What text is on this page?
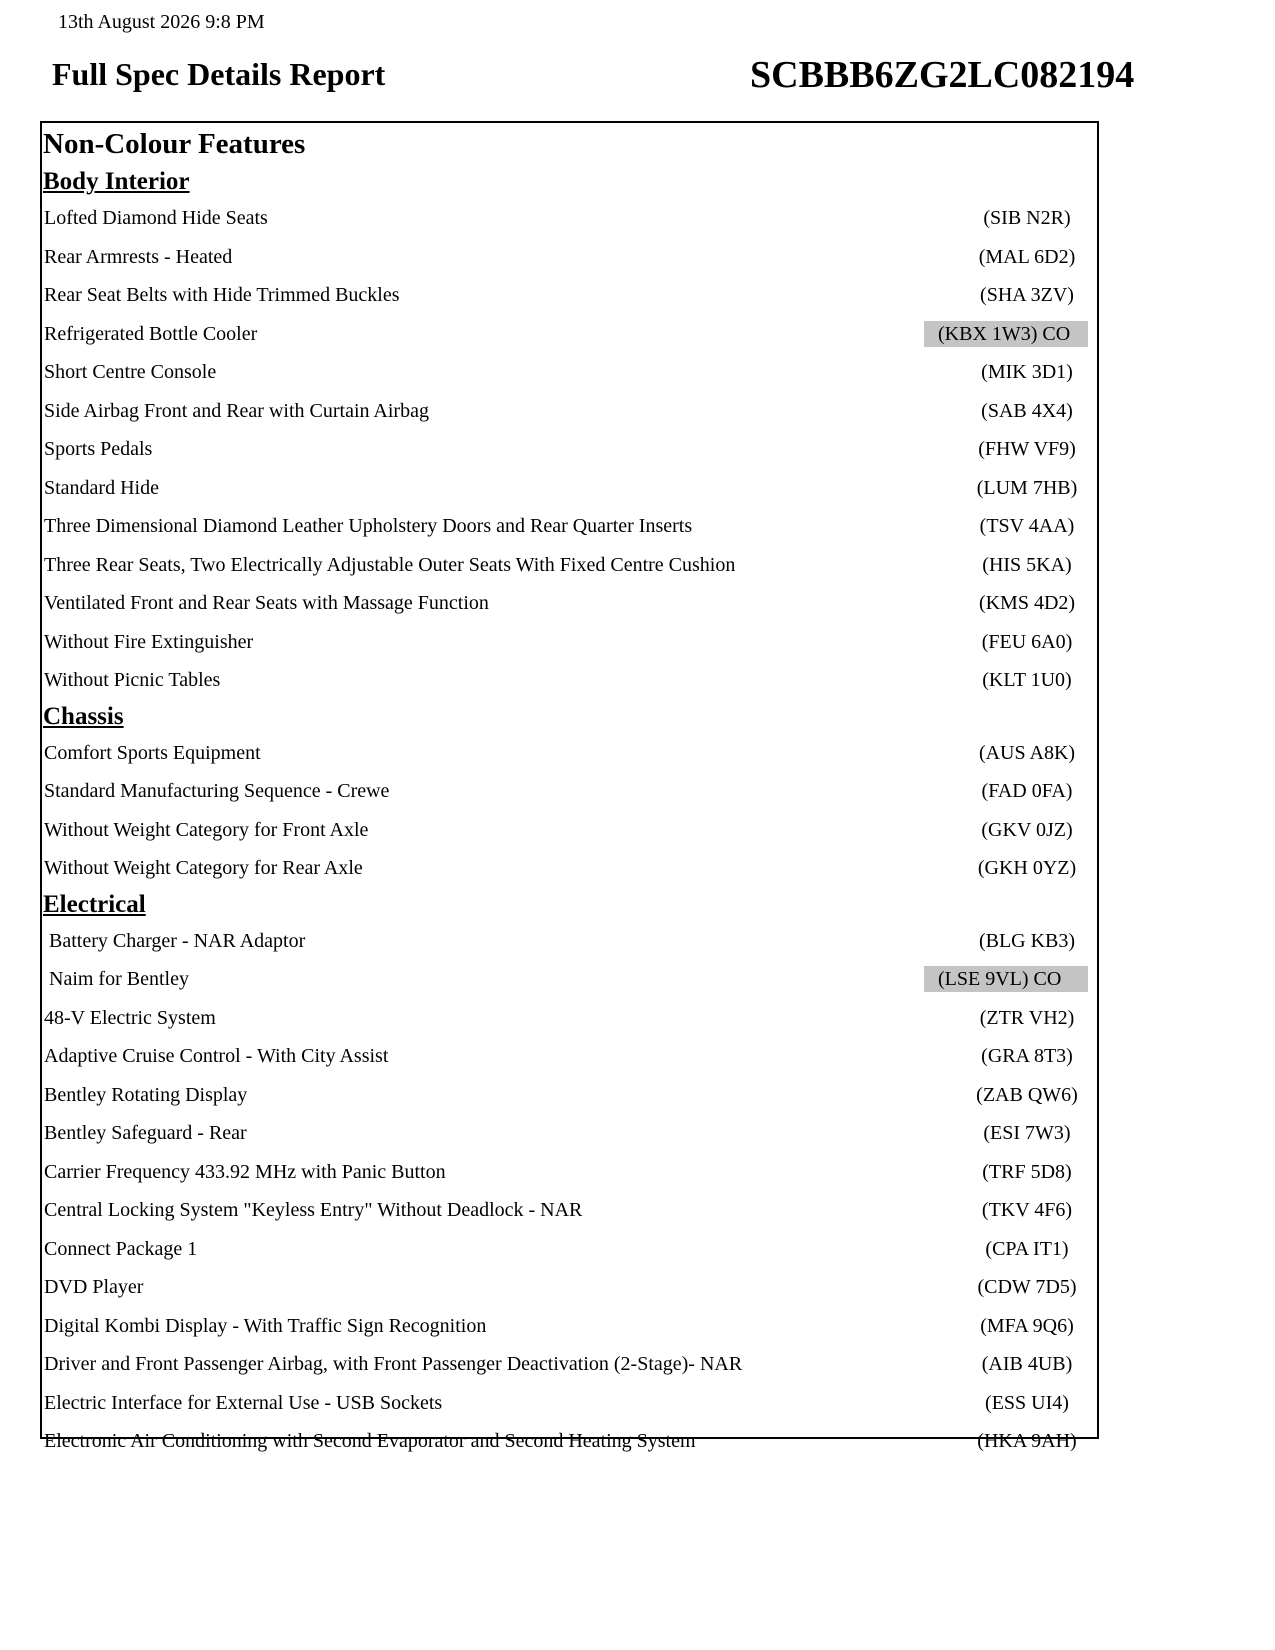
13th August 2026 9:8 PM
Full Spec Details Report	SCBBB6ZG2LC082194
Non-Colour Features
Body Interior
Lofted Diamond Hide Seats	(SIB N2R)
Rear Armrests - Heated	(MAL 6D2)
Rear Seat Belts with Hide Trimmed Buckles	(SHA 3ZV)
Refrigerated Bottle Cooler	(KBX 1W3) CO
Short Centre Console	(MIK 3D1)
Side Airbag Front and Rear with Curtain Airbag	(SAB 4X4)
Sports Pedals	(FHW VF9)
Standard Hide	(LUM 7HB)
Three Dimensional Diamond Leather Upholstery Doors and Rear Quarter Inserts	(TSV 4AA)
Three Rear Seats, Two Electrically Adjustable Outer Seats With Fixed Centre Cushion	(HIS 5KA)
Ventilated Front and Rear Seats with Massage Function	(KMS 4D2)
Without Fire Extinguisher	(FEU 6A0)
Without Picnic Tables	(KLT 1U0)
Chassis
Comfort Sports Equipment	(AUS A8K)
Standard Manufacturing Sequence - Crewe	(FAD 0FA)
Without Weight Category for Front Axle	(GKV 0JZ)
Without Weight Category for Rear Axle	(GKH 0YZ)
Electrical
Battery Charger - NAR Adaptor	(BLG KB3)
Naim for Bentley	(LSE 9VL) CO
48-V Electric System	(ZTR VH2)
Adaptive Cruise Control - With City Assist	(GRA 8T3)
Bentley Rotating Display	(ZAB QW6)
Bentley Safeguard - Rear	(ESI 7W3)
Carrier Frequency 433.92 MHz with Panic Button	(TRF 5D8)
Central Locking System "Keyless Entry" Without Deadlock - NAR	(TKV 4F6)
Connect Package 1	(CPA IT1)
DVD Player	(CDW 7D5)
Digital Kombi Display - With Traffic Sign Recognition	(MFA 9Q6)
Driver and Front Passenger Airbag, with Front Passenger Deactivation (2-Stage)- NAR	(AIB 4UB)
Electric Interface for External Use - USB Sockets	(ESS UI4)
Electronic Air Conditioning with Second Evaporator and Second Heating System	(HKA 9AH)
